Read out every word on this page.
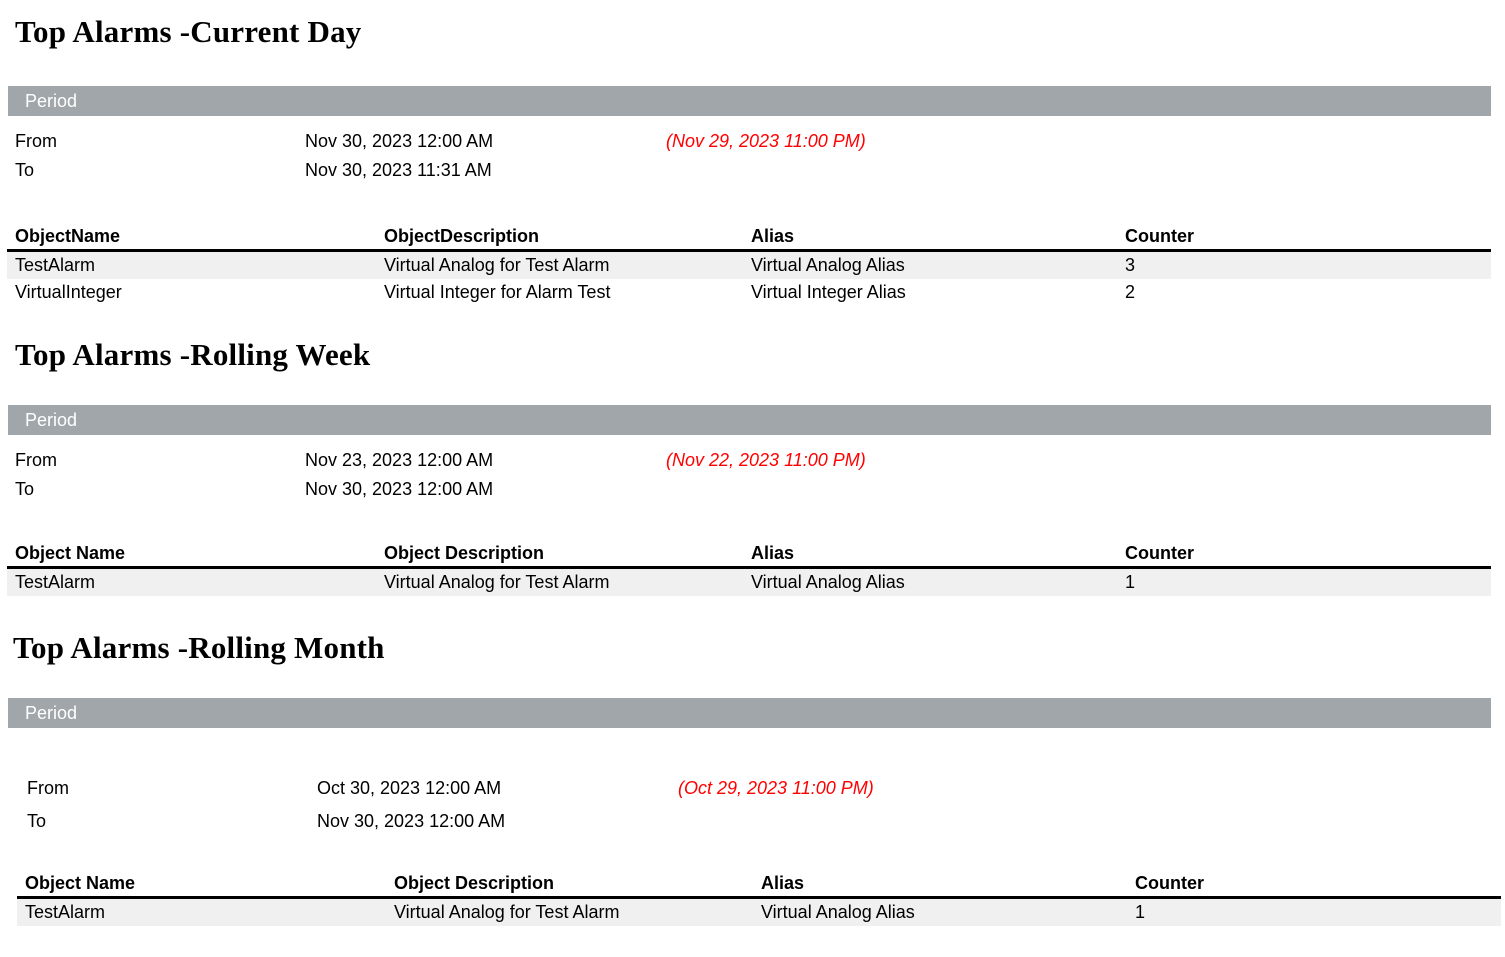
Top Alarms -Current Day
Period
From	Nov 30, 2023 12:00 AM	(Nov 29, 2023 11:00 PM)
To	Nov 30, 2023 11:31 AM
ObjectName	ObjectDescription	Alias	Counter
TestAlarm	Virtual Analog for Test Alarm	Virtual Analog Alias	3
VirtualInteger	Virtual Integer for Alarm Test	Virtual Integer Alias	2
Top Alarms -Rolling Week
Period
From	Nov 23, 2023 12:00 AM	(Nov 22, 2023 11:00 PM)
To	Nov 30, 2023 12:00 AM
Object Name	Object Description	Alias	Counter
TestAlarm	Virtual Analog for Test Alarm	Virtual Analog Alias	1
Top Alarms -Rolling Month
Period
From	Oct 30, 2023 12:00 AM	(Oct 29, 2023 11:00 PM)
To	Nov 30, 2023 12:00 AM
Object Name	Object Description	Alias	Counter
TestAlarm	Virtual Analog for Test Alarm	Virtual Analog Alias	1
